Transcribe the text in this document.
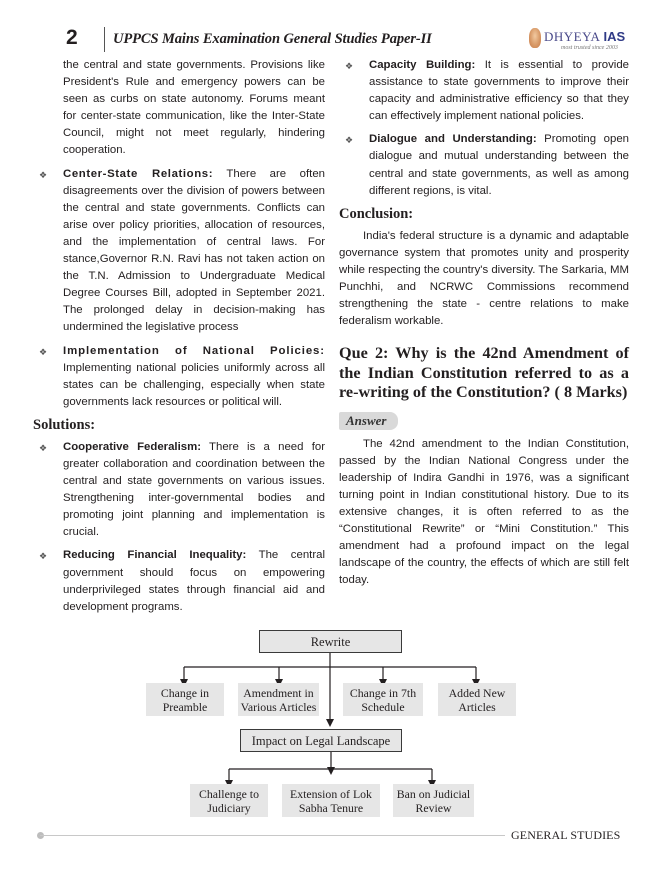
2 UPPCS Mains Examination General Studies Paper-II	DHYEYA IAS
most trusted since 2003

the central and state governments. Provisions like President's Rule and emergency powers can be seen as curbs on state autonomy. Forums meant for center-state communication, like the Inter-State Council, might not meet regularly, hindering cooperation.

❖ Center-State Relations: There are often disagreements over the division of powers between the central and state governments. Conflicts can arise over policy priorities, allocation of resources, and the implementation of central laws. For stance,Governor R.N. Ravi has not taken action on the T.N. Admission to Undergraduate Medical Degree Courses Bill, adopted in September 2021. The prolonged delay in decision-making has undermined the legislative process
❖ Implementation of National Policies: Implementing national policies uniformly across all states can be challenging, especially when state governments lack resources or political will.
Solutions:
❖ Cooperative Federalism: There is a need for greater collaboration and coordination between the central and state governments on various issues. Strengthening inter-governmental bodies and promoting joint planning and implementation is crucial.
❖ Reducing Financial Inequality: The central government should focus on empowering underprivileged states through financial aid and development programs.
❖ Capacity Building: It is essential to provide assistance to state governments to improve their capacity and administrative efficiency so that they can effectively implement national policies.
❖ Dialogue and Understanding: Promoting open dialogue and mutual understanding between the central and state governments, as well as among different regions, is vital.
Conclusion:

India's federal structure is a dynamic and adaptable governance system that promotes unity and prosperity while respecting the country's diversity. The Sarkaria, MM Punchhi, and NCRWC Commissions recommend strengthening the state - centre relations to make federalism workable.

Que 2: Why is the 42nd Amendment of the Indian Constitution referred to as a re-writing of the Constitution? ( 8 Marks)
Answer

The 42nd amendment to the Indian Constitution, passed by the Indian National Congress under the leadership of Indira Gandhi in 1976, was a significant turning point in Indian constitutional history. Due to its extensive changes, it is often referred to as the “Constitutional Rewrite” or “Mini Constitution.” This amendment had a profound impact on the legal landscape of the country, the effects of which are still felt today.

Rewrite
Change in Preamble
Amendment in Various Articles
Change in 7th Schedule
Added New Articles
Impact on Legal Landscape
Challenge to Judiciary
Extension of Lok Sabha Tenure
Ban on Judicial Review
GENERAL STUDIES
